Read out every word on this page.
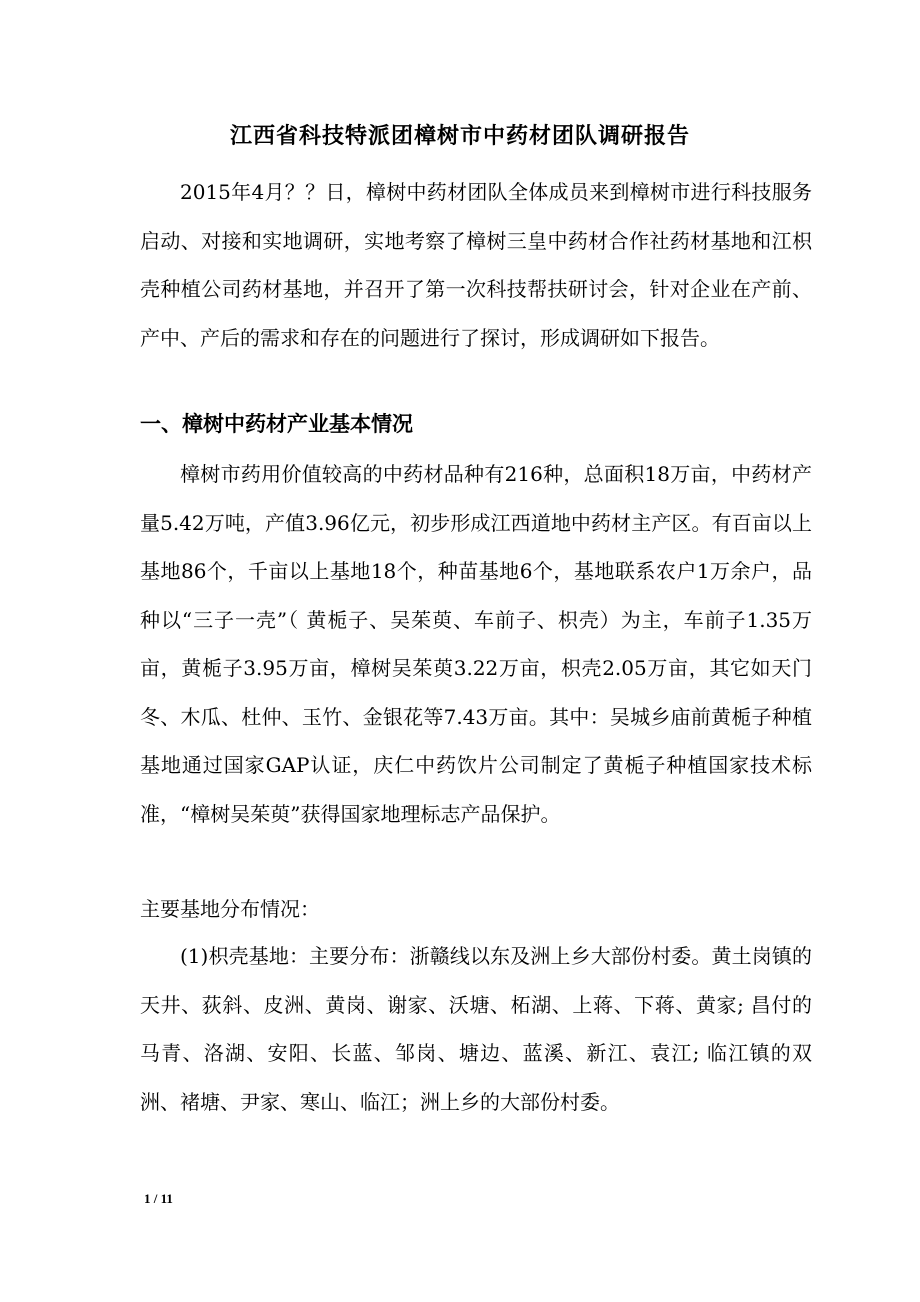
江西省科技特派团樟树市中药材团队调研报告

2015年4月？？日，樟树中药材团队全体成员来到樟树市进行科技服务启动、对接和实地调研，实地考察了樟树三皇中药材合作社药材基地和江枳壳种植公司药材基地，并召开了第一次科技帮扶研讨会，针对企业在产前、产中、产后的需求和存在的问题进行了探讨，形成调研如下报告。

一、樟树中药材产业基本情况

樟树市药用价值较高的中药材品种有216种，总面积18万亩，中药材产量5.42万吨，产值3.96亿元，初步形成江西道地中药材主产区。有百亩以上基地86个，千亩以上基地18个，种苗基地6个，基地联系农户1万余户，品种以“三子一壳”（ 黄栀子、吴茱萸、车前子、枳壳）为主，车前子1.35万亩，黄栀子3.95万亩，樟树吴茱萸3.22万亩，枳壳2.05万亩，其它如天门冬、木瓜、杜仲、玉竹、金银花等7.43万亩。其中：吴城乡庙前黄栀子种植基地通过国家GAP认证，庆仁中药饮片公司制定了黄栀子种植国家技术标准，“樟树吴茱萸”获得国家地理标志产品保护。

主要基地分布情况：

(1)枳壳基地：主要分布：浙赣线以东及洲上乡大部份村委。黄土岗镇的天井、荻斜、皮洲、黄岗、谢家、沃塘、柘湖、上蒋、下蒋、黄家; 昌付的马青、洛湖、安阳、长蓝、邹岗、塘边、蓝溪、新江、袁江; 临江镇的双洲、褚塘、尹家、寒山、临江；洲上乡的大部份村委。

1 / 11
